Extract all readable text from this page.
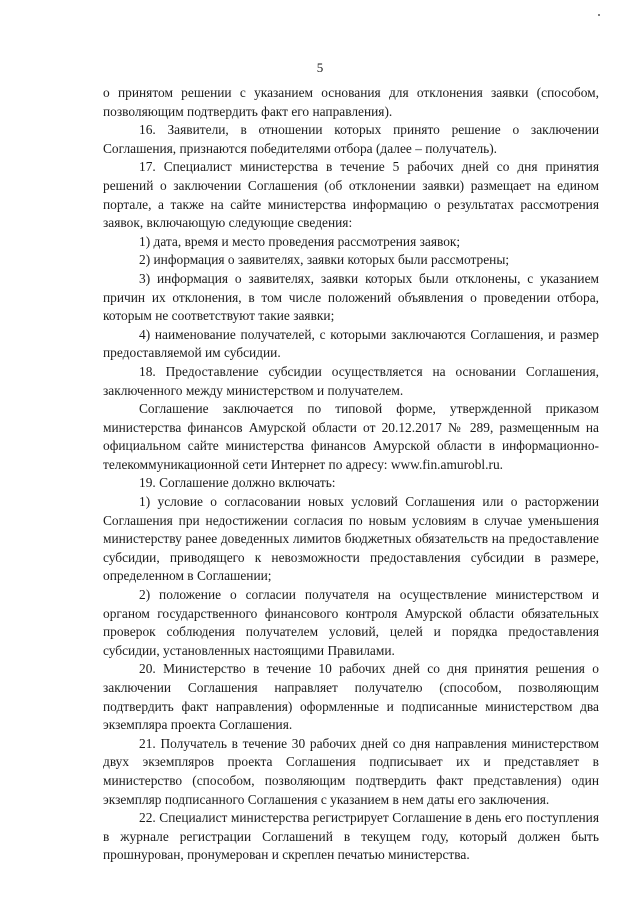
5

о принятом решении с указанием основания для отклонения заявки (способом, позволяющим подтвердить факт его направления).

16. Заявители, в отношении которых принято решение о заключении Соглашения, признаются победителями отбора (далее – получатель).

17. Специалист министерства в течение 5 рабочих дней со дня принятия решений о заключении Соглашения (об отклонении заявки) размещает на едином портале, а также на сайте министерства информацию о результатах рассмотрения заявок, включающую следующие сведения:

1) дата, время и место проведения рассмотрения заявок;

2) информация о заявителях, заявки которых были рассмотрены;

3) информация о заявителях, заявки которых были отклонены, с указанием причин их отклонения, в том числе положений объявления о проведении отбора, которым не соответствуют такие заявки;

4) наименование получателей, с которыми заключаются Соглашения, и размер предоставляемой им субсидии.

18. Предоставление субсидии осуществляется на основании Соглашения, заключенного между министерством и получателем.

Соглашение заключается по типовой форме, утвержденной приказом министерства финансов Амурской области от 20.12.2017 № 289, размещенным на официальном сайте министерства финансов Амурской области в информационно-телекоммуникационной сети Интернет по адресу: www.fin.amurobl.ru.

19. Соглашение должно включать:

1) условие о согласовании новых условий Соглашения или о расторжении Соглашения при недостижении согласия по новым условиям в случае уменьшения министерству ранее доведенных лимитов бюджетных обязательств на предоставление субсидии, приводящего к невозможности предоставления субсидии в размере, определенном в Соглашении;

2) положение о согласии получателя на осуществление министерством и органом государственного финансового контроля Амурской области обязательных проверок соблюдения получателем условий, целей и порядка предоставления субсидии, установленных настоящими Правилами.

20. Министерство в течение 10 рабочих дней со дня принятия решения о заключении Соглашения направляет получателю (способом, позволяющим подтвердить факт направления) оформленные и подписанные министерством два экземпляра проекта Соглашения.

21. Получатель в течение 30 рабочих дней со дня направления министерством двух экземпляров проекта Соглашения подписывает их и представляет в министерство (способом, позволяющим подтвердить факт представления) один экземпляр подписанного Соглашения с указанием в нем даты его заключения.

22. Специалист министерства регистрирует Соглашение в день его поступления в журнале регистрации Соглашений в текущем году, который должен быть прошнурован, пронумерован и скреплен печатью министерства.
